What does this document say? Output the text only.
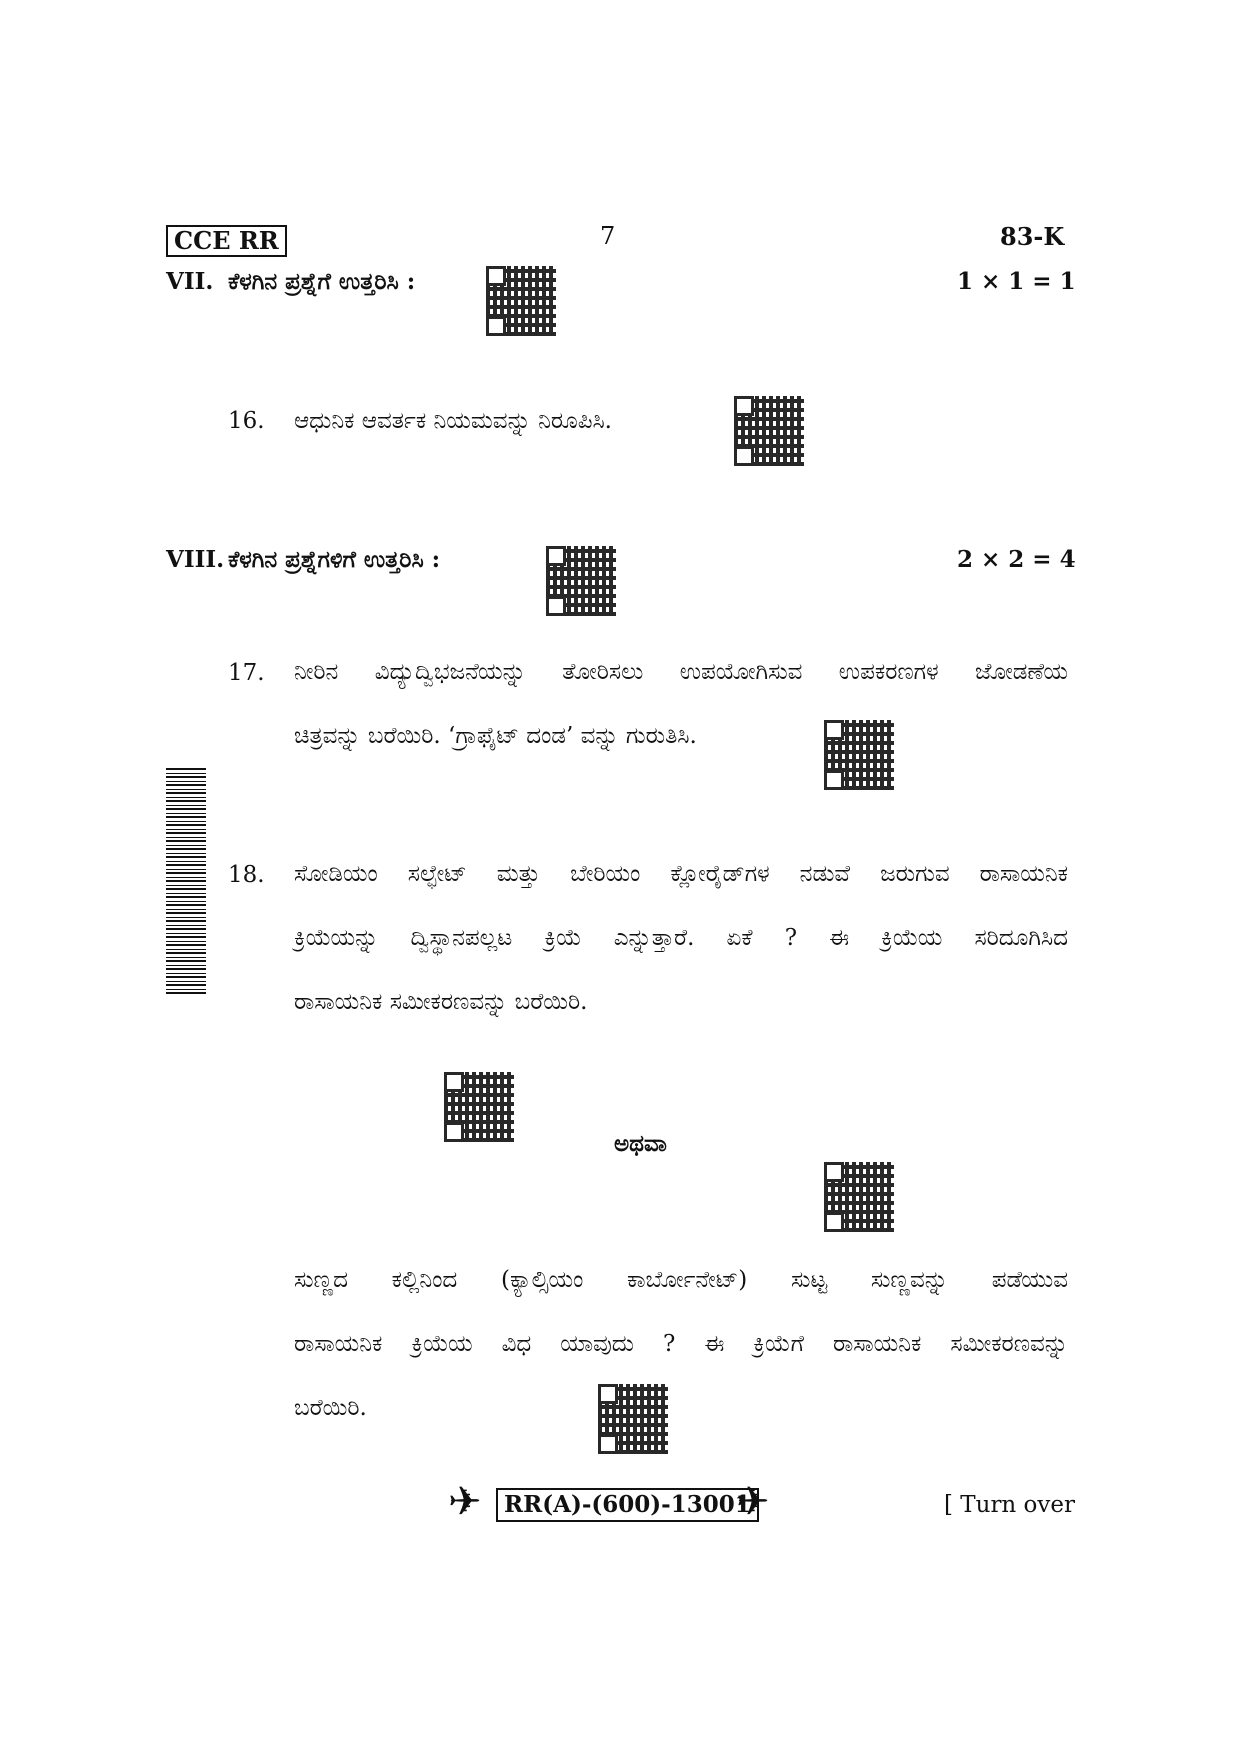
CCE RR	7	83-K
VII. ಕೆಳಗಿನ ಪ್ರಶ್ನೆಗೆ ಉತ್ತರಿಸಿ :	1 × 1 = 1
16. ಆಧುನಿಕ ಆವರ್ತಕ ನಿಯಮವನ್ನು ನಿರೂಪಿಸಿ.
VIII. ಕೆಳಗಿನ ಪ್ರಶ್ನೆಗಳಿಗೆ ಉತ್ತರಿಸಿ :	2 × 2 = 4
17. ನೀರಿನ ವಿದ್ಯುದ್ವಿಭಜನೆಯನ್ನು ತೋರಿಸಲು ಉಪಯೋಗಿಸುವ ಉಪಕರಣಗಳ ಜೋಡಣೆಯ
ಚಿತ್ರವನ್ನು ಬರೆಯಿರಿ. ‘ಗ್ರಾಫೈಟ್ ದಂಡ’ ವನ್ನು ಗುರುತಿಸಿ.
18. ಸೋಡಿಯಂ ಸಲ್ಫೇಟ್ ಮತ್ತು ಬೇರಿಯಂ ಕ್ಲೋರೈಡ್‌ಗಳ ನಡುವೆ ಜರುಗುವ ರಾಸಾಯನಿಕ
ಕ್ರಿಯೆಯನ್ನು ದ್ವಿಸ್ಥಾನಪಲ್ಲಟ ಕ್ರಿಯೆ ಎನ್ನುತ್ತಾರೆ. ಏಕೆ ? ಈ ಕ್ರಿಯೆಯ ಸರಿದೂಗಿಸಿದ
ರಾಸಾಯನಿಕ ಸಮೀಕರಣವನ್ನು ಬರೆಯಿರಿ.
ಅಥವಾ
ಸುಣ್ಣದ ಕಲ್ಲಿನಿಂದ (ಕ್ಯಾಲ್ಸಿಯಂ ಕಾರ್ಬೋನೇಟ್) ಸುಟ್ಟ ಸುಣ್ಣವನ್ನು ಪಡೆಯುವ
ರಾಸಾಯನಿಕ ಕ್ರಿಯೆಯ ವಿಧ ಯಾವುದು ? ಈ ಕ್ರಿಯೆಗೆ ರಾಸಾಯನಿಕ ಸಮೀಕರಣವನ್ನು
ಬರೆಯಿರಿ.
✈ RR(A)-(600)-13001
✈	[ Turn over
